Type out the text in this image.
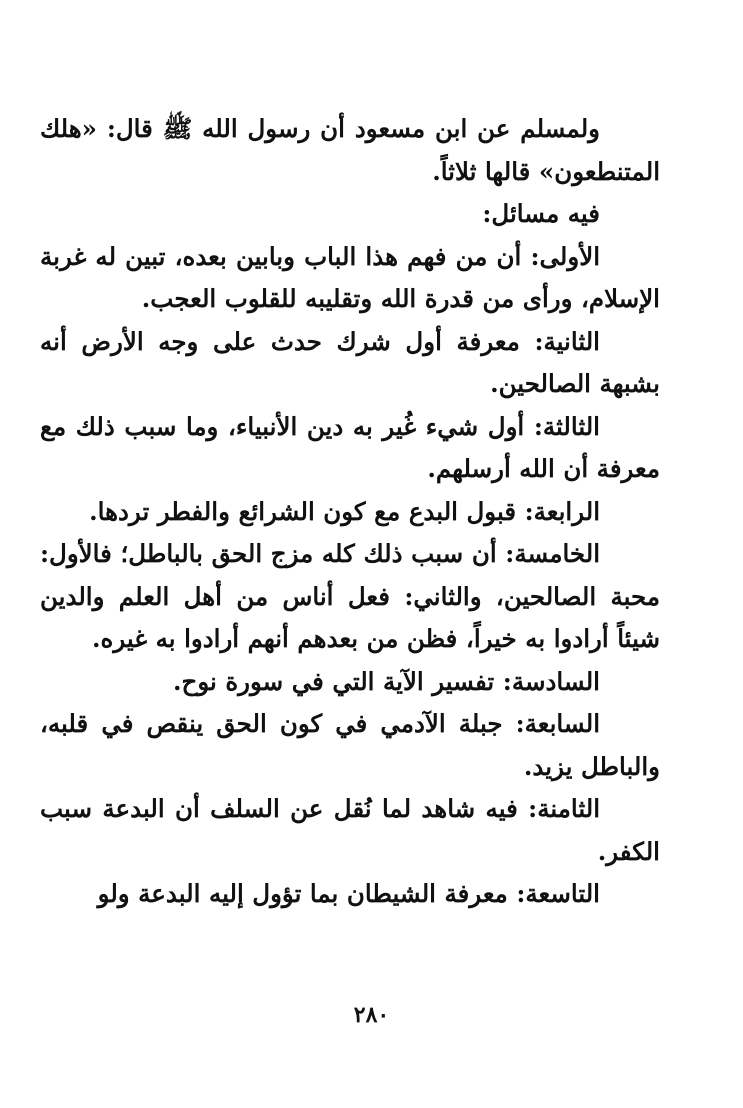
ولمسلم عن ابن مسعود أن رسول الله ﷺ قال: «هلك المتنطعون» قالها ثلاثاً.

فيه مسائل:

الأولى: أن من فهم هذا الباب وبابين بعده، تبين له غربة الإسلام، ورأى من قدرة الله وتقليبه للقلوب العجب.

الثانية: معرفة أول شرك حدث على وجه الأرض أنه بشبهة الصالحين.

الثالثة: أول شيء غُير به دين الأنبياء، وما سبب ذلك مع معرفة أن الله أرسلهم.

الرابعة: قبول البدع مع كون الشرائع والفطر تردها.

الخامسة: أن سبب ذلك كله مزج الحق بالباطل؛ فالأول: محبة الصالحين، والثاني: فعل أناس من أهل العلم والدين شيئاً أرادوا به خيراً، فظن من بعدهم أنهم أرادوا به غيره.

السادسة: تفسير الآية التي في سورة نوح.

السابعة: جبلة الآدمي في كون الحق ينقص في قلبه، والباطل يزيد.

الثامنة: فيه شاهد لما نُقل عن السلف أن البدعة سبب الكفر.

التاسعة: معرفة الشيطان بما تؤول إليه البدعة ولو

٢٨٠
